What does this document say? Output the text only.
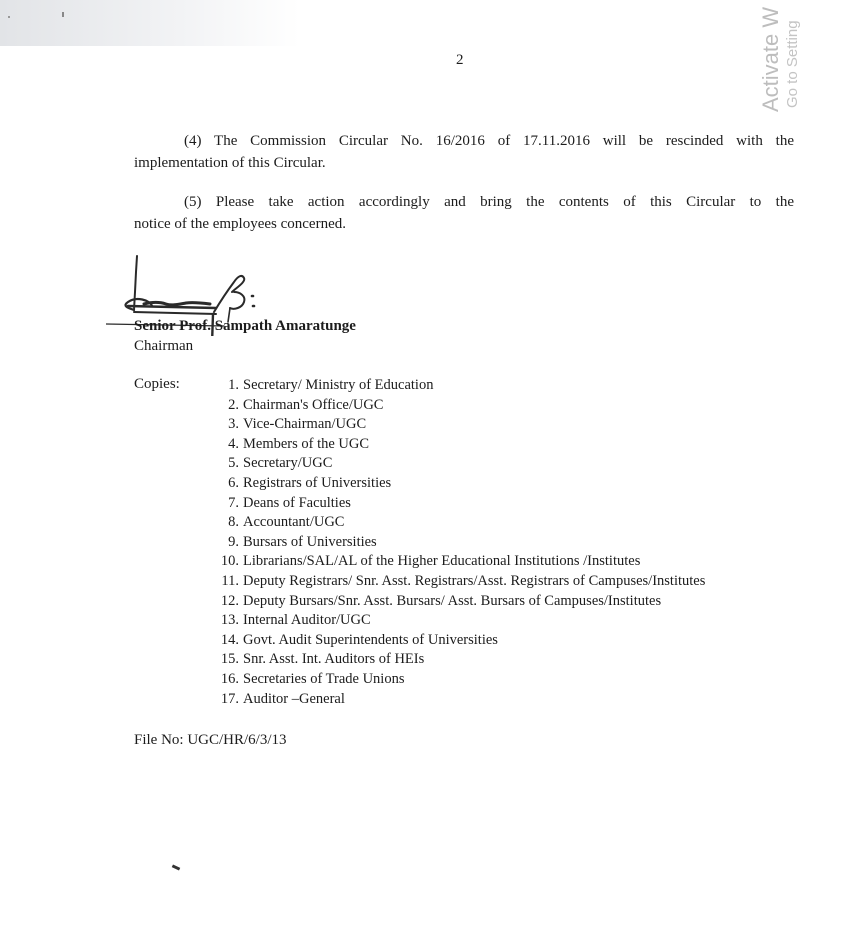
Activate W Go to Setting
2
(4) The Commission Circular No. 16/2016 of 17.11.2016 will be rescinded with the
implementation of this Circular.
(5) Please take action accordingly and bring the contents of this Circular to the
notice of the employees concerned.
Senior Prof. Sampath Amaratunge
Chairman
Copies:	1. Secretary/ Ministry of Education
2. Chairman's Office/UGC
3. Vice-Chairman/UGC
4. Members of the UGC
5. Secretary/UGC
6. Registrars of Universities
7. Deans of Faculties
8. Accountant/UGC
9. Bursars of Universities
10. Librarians/SAL/AL of the Higher Educational Institutions /Institutes
11. Deputy Registrars/ Snr. Asst. Registrars/Asst. Registrars of Campuses/Institutes
12. Deputy Bursars/Snr. Asst. Bursars/ Asst. Bursars of Campuses/Institutes
13. Internal Auditor/UGC
14. Govt. Audit Superintendents of Universities
15. Snr. Asst. Int. Auditors of HEIs
16. Secretaries of Trade Unions
17. Auditor –General
File No: UGC/HR/6/3/13
